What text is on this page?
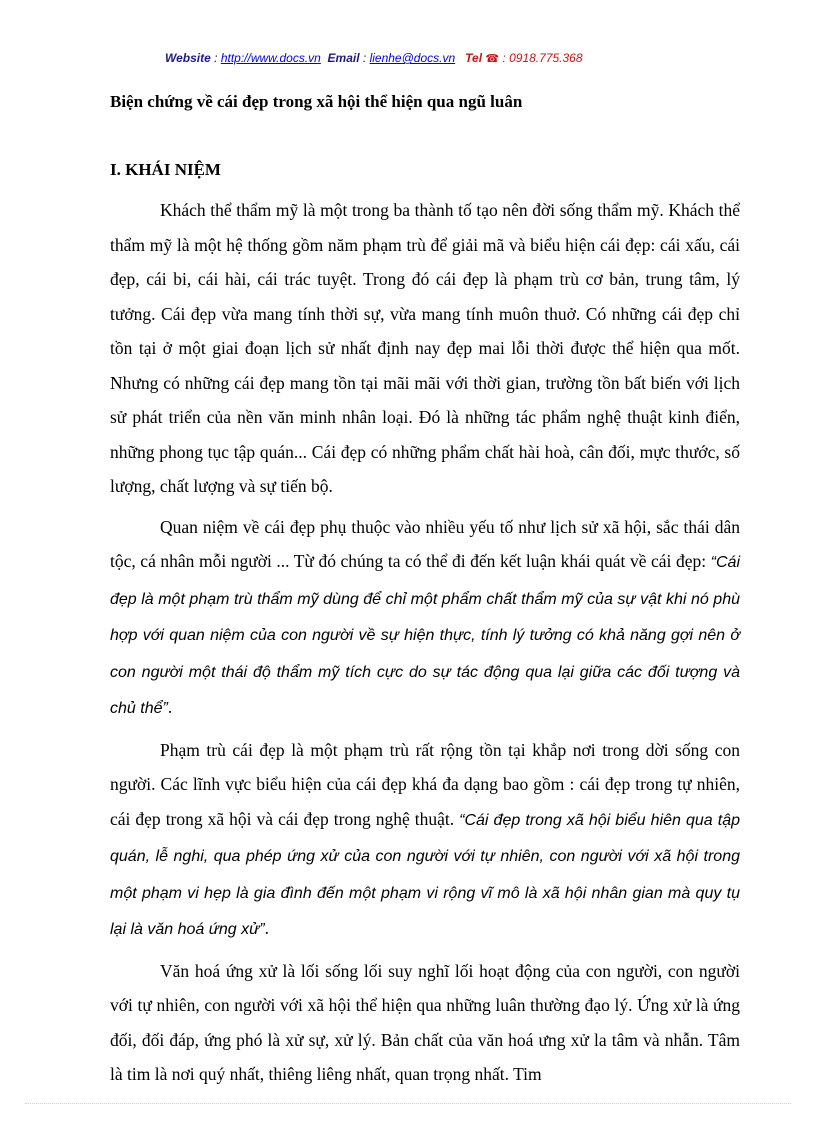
Website : http://www.docs.vn Email : lienhe@docs.vn Tel ☎ : 0918.775.368
Biện chứng về cái đẹp trong xã hội thể hiện qua ngũ luân
I. KHÁI NIỆM

Khách thể thẩm mỹ là một trong ba thành tố tạo nên đời sống thẩm mỹ. Khách thể thẩm mỹ là một hệ thống gồm năm phạm trù để giải mã và biểu hiện cái đẹp: cái xấu, cái đẹp, cái bi, cái hài, cái trác tuyệt. Trong đó cái đẹp là phạm trù cơ bản, trung tâm, lý tưởng. Cái đẹp vừa mang tính thời sự, vừa mang tính muôn thuở. Có những cái đẹp chỉ tồn tại ở một giai đoạn lịch sử nhất định nay đẹp mai lỗi thời được thể hiện qua mốt. Nhưng có những cái đẹp mang tồn tại mãi mãi với thời gian, trường tồn bất biến với lịch sử phát triển của nền văn minh nhân loại. Đó là những tác phẩm nghệ thuật kinh điển, những phong tục tập quán... Cái đẹp có những phẩm chất hài hoà, cân đối, mực thước, số lượng, chất lượng và sự tiến bộ.

Quan niệm về cái đẹp phụ thuộc vào nhiều yếu tố như lịch sử xã hội, sắc thái dân tộc, cá nhân mỗi người ... Từ đó chúng ta có thể đi đến kết luận khái quát về cái đẹp: “Cái đẹp là một phạm trù thẩm mỹ dùng để chỉ một phẩm chất thẩm mỹ của sự vật khi nó phù hợp với quan niệm của con người về sự hiện thực, tính lý tưởng có khả năng gợi nên ở con người một thái độ thẩm mỹ tích cực do sự tác động qua lại giữa các đối tượng và chủ thể”.

Phạm trù cái đẹp là một phạm trù rất rộng tồn tại khắp nơi trong dời sống con người. Các lĩnh vực biểu hiện của cái đẹp khá đa dạng bao gồm : cái đẹp trong tự nhiên, cái đẹp trong xã hội và cái đẹp trong nghệ thuật. “Cái đẹp trong xã hội biểu hiên qua tập quán, lễ nghi, qua phép ứng xử của con người với tự nhiên, con người với xã hội trong một phạm vi hẹp là gia đình đến một phạm vi rộng vĩ mô là xã hội nhân gian mà quy tụ lại là văn hoá ứng xử”.

Văn hoá ứng xử là lối sống lối suy nghĩ lối hoạt động của con người, con người với tự nhiên, con người với xã hội thể hiện qua những luân thường đạo lý. Ứng xử là ứng đối, đối đáp, ứng phó là xử sự, xử lý. Bản chất của văn hoá ưng xử la tâm và nhẫn. Tâm là tim là nơi quý nhất, thiêng liêng nhất, quan trọng nhất. Tim
